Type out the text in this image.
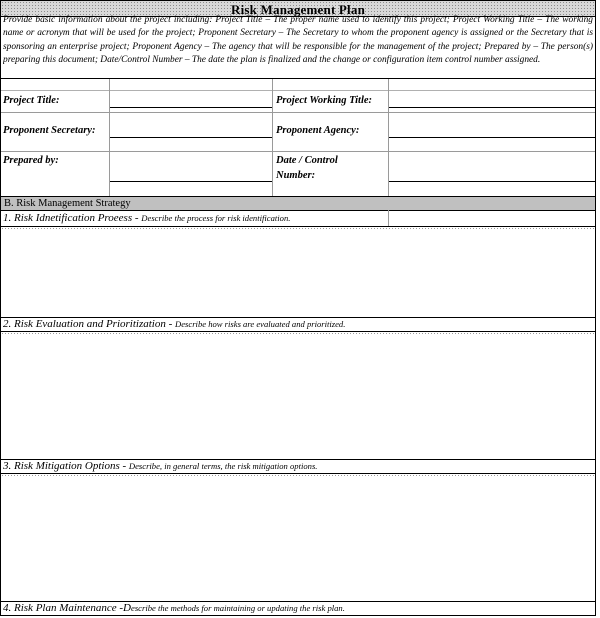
Risk Management Plan
Provide basic information about the project including: Project Title – The proper name used to identify this project; Project Working Title – The working name or acronym that will be used for the project; Proponent Secretary – The Secretary to whom the proponent agency is assigned or the Secretary that is sponsoring an enterprise project; Proponent Agency – The agency that will be responsible for the management of the project; Prepared by – The person(s) preparing this document; Date/Control Number – The date the plan is finalized and the change or configuration item control number assigned.
Project Title:	Project Working Title:
Proponent Secretary:	Proponent Agency:
Prepared by:	Date / Control
Number:
B. Risk Management Strategy
1. Risk Idnetification Proeess - Describe the process for risk identification.
2. Risk Evaluation and Prioritization - Describe how risks are evaluated and prioritized.
3. Risk Mitigation Options - Describe, in general terms, the risk mitigation options.
4. Risk Plan Maintenance -Describe the methods for maintaining or updating the risk plan.
